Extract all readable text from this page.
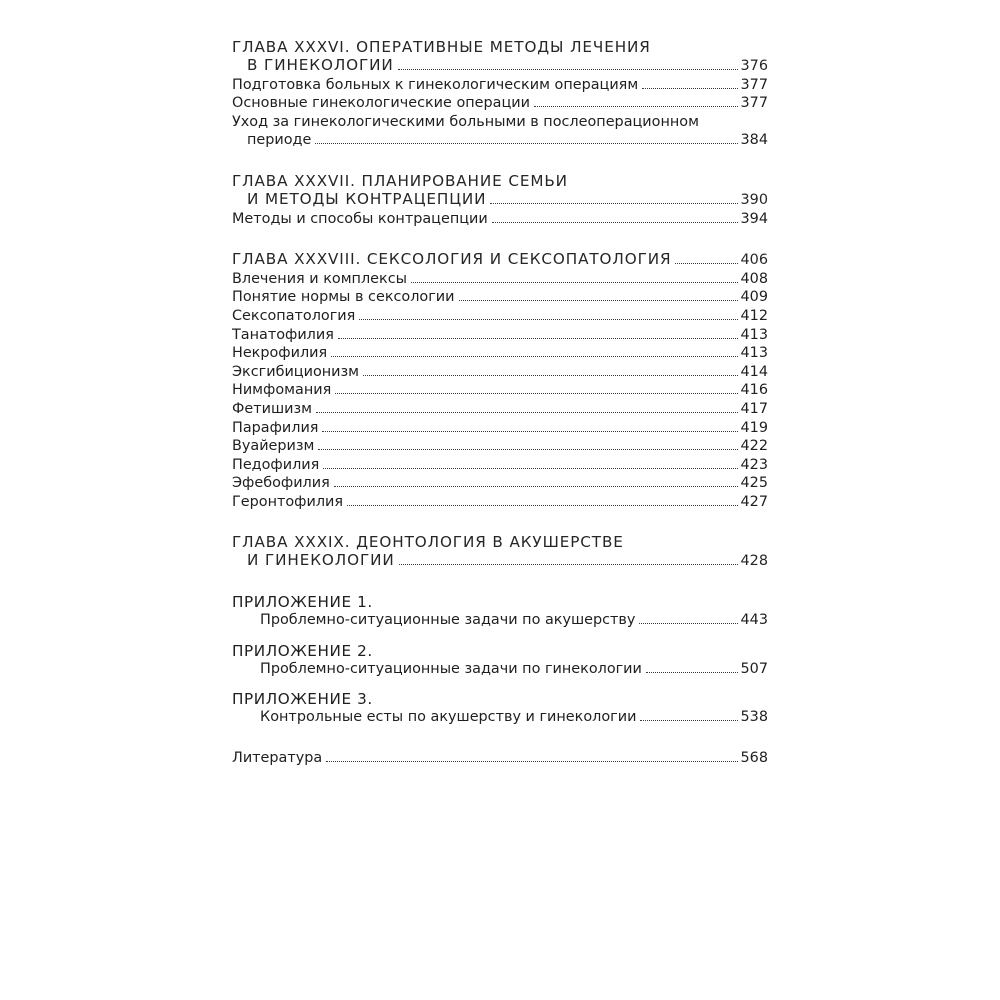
ГЛАВА XXXVI. ОПЕРАТИВНЫЕ МЕТОДЫ ЛЕЧЕНИЯ
В ГИНЕКОЛОГИИ	376
Подготовка больных к гинекологическим операциям	377
Основные гинекологические операции	377
Уход за гинекологическими больными в послеоперационном
периоде	384
ГЛАВА XXXVII. ПЛАНИРОВАНИЕ СЕМЬИ
И МЕТОДЫ КОНТРАЦЕПЦИИ	390
Методы и способы контрацепции	394
ГЛАВА XXXVIII. СЕКСОЛОГИЯ И СЕКСОПАТОЛОГИЯ	406
Влечения и комплексы	408
Понятие нормы в сексологии	409
Сексопатология	412
Танатофилия	413
Некрофилия	413
Эксгибиционизм	414
Нимфомания	416
Фетишизм	417
Парафилия	419
Вуайеризм	422
Педофилия	423
Эфебофилия	425
Геронтофилия	427
ГЛАВА XXXIX. ДЕОНТОЛОГИЯ В АКУШЕРСТВЕ
И ГИНЕКОЛОГИИ	428
ПРИЛОЖЕНИЕ 1.
Проблемно-ситуационные задачи по акушерству	443
ПРИЛОЖЕНИЕ 2.
Проблемно-ситуационные задачи по гинекологии	507
ПРИЛОЖЕНИЕ 3.
Контрольные есты по акушерству и гинекологии	538
Литература	568
